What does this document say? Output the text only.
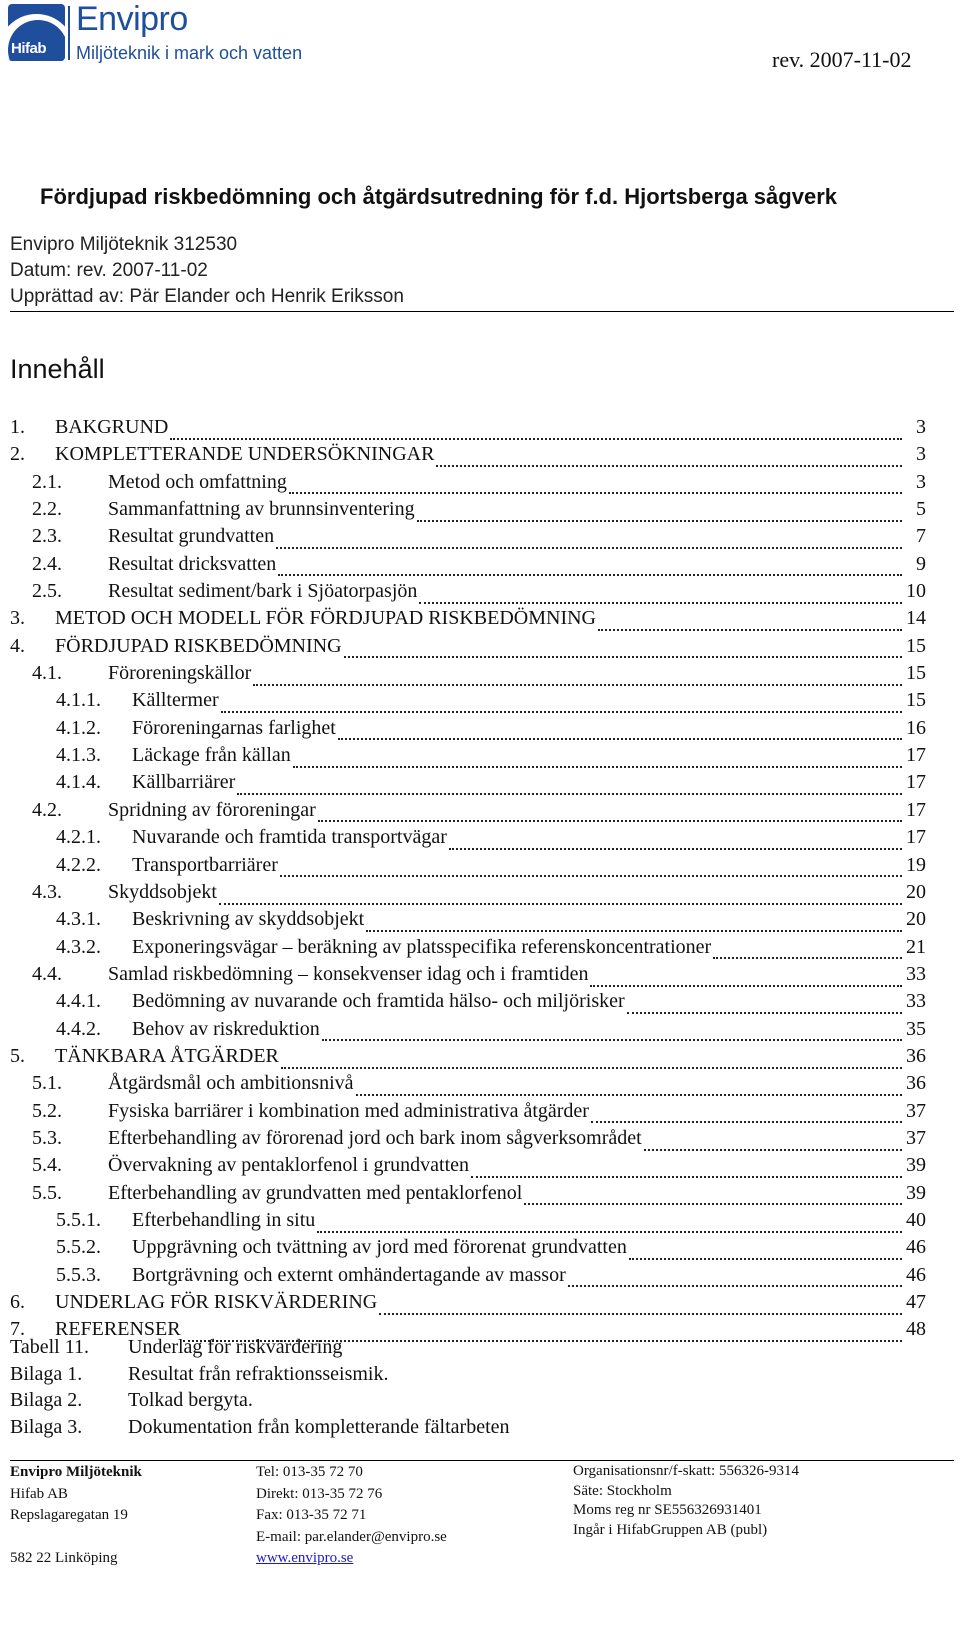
Hifab
Envipro
Miljöteknik i mark och vatten	rev. 2007-11-02
Fördjupad riskbedömning och åtgärdsutredning för f.d. Hjortsberga sågverk
Envipro Miljöteknik 312530
Datum: rev. 2007-11-02
Upprättad av: Pär Elander och Henrik Eriksson
Innehåll
1.	BAKGRUND	3
2.	KOMPLETTERANDE UNDERSÖKNINGAR	3
2.1.	Metod och omfattning	3
2.2.	Sammanfattning av brunnsinventering	5
2.3.	Resultat grundvatten	7
2.4.	Resultat dricksvatten	9
2.5.	Resultat sediment/bark i Sjöatorpasjön	10
3.	METOD OCH MODELL FÖR FÖRDJUPAD RISKBEDÖMNING	14
4.	FÖRDJUPAD RISKBEDÖMNING	15
4.1.	Föroreningskällor	15
4.1.1.	Källtermer	15
4.1.2.	Föroreningarnas farlighet	16
4.1.3.	Läckage från källan	17
4.1.4.	Källbarriärer	17
4.2.	Spridning av föroreningar	17
4.2.1.	Nuvarande och framtida transportvägar	17
4.2.2.	Transportbarriärer	19
4.3.	Skyddsobjekt	20
4.3.1.	Beskrivning av skyddsobjekt	20
4.3.2.	Exponeringsvägar – beräkning av platsspecifika referenskoncentrationer	21
4.4.	Samlad riskbedömning – konsekvenser idag och i framtiden	33
4.4.1.	Bedömning av nuvarande och framtida hälso- och miljörisker	33
4.4.2.	Behov av riskreduktion	35
5.	TÄNKBARA ÅTGÄRDER	36
5.1.	Åtgärdsmål och ambitionsnivå	36
5.2.	Fysiska barriärer i kombination med administrativa åtgärder	37
5.3.	Efterbehandling av förorenad jord och bark inom sågverksområdet	37
5.4.	Övervakning av pentaklorfenol i grundvatten	39
5.5.	Efterbehandling av grundvatten med pentaklorfenol	39
5.5.1.	Efterbehandling in situ	40
5.5.2.	Uppgrävning och tvättning av jord med förorenat grundvatten	46
5.5.3.	Bortgrävning och externt omhändertagande av massor	46
6.	UNDERLAG FÖR RISKVÄRDERING	47
7.	REFERENSER	48
Tabell 11. Underlag för riskvärdering
Bilaga 1. Resultat från refraktionsseismik.
Bilaga 2. Tolkad bergyta.
Bilaga 3. Dokumentation från kompletterande fältarbeten
Envipro Miljöteknik
Hifab AB
Repslagaregatan 19
582 22 Linköping
Tel: 013-35 72 70
Direkt: 013-35 72 76
Fax: 013-35 72 71
E-mail: par.elander@envipro.se
www.envipro.se
Organisationsnr/f-skatt: 556326-9314
Säte: Stockholm
Moms reg nr SE556326931401
Ingår i HifabGruppen AB (publ)
